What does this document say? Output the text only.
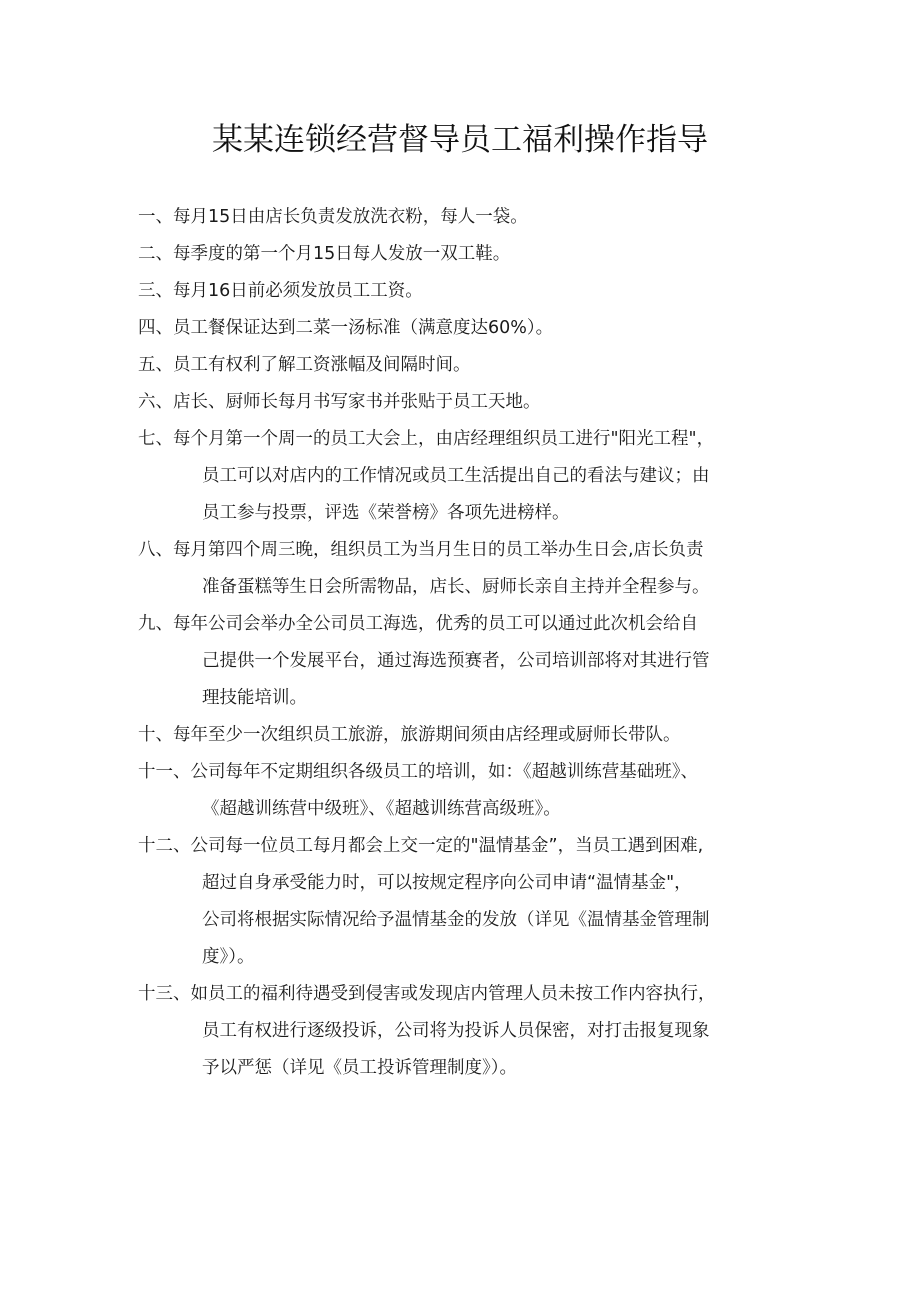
某某连锁经营督导员工福利操作指导
一、每月15日由店长负责发放洗衣粉，每人一袋。
二、每季度的第一个月15日每人发放一双工鞋。
三、每月16日前必须发放员工工资。
四、员工餐保证达到二菜一汤标准（满意度达60%）。
五、员工有权利了解工资涨幅及间隔时间。
六、店长、厨师长每月书写家书并张贴于员工天地。
七、每个月第一个周一的员工大会上，由店经理组织员工进行"阳光工程"，
员工可以对店内的工作情况或员工生活提出自己的看法与建议；由
员工参与投票，评选《荣誉榜》各项先进榜样。
八、每月第四个周三晚，组织员工为当月生日的员工举办生日会,店长负责
准备蛋糕等生日会所需物品，店长、厨师长亲自主持并全程参与。
九、每年公司会举办全公司员工海选，优秀的员工可以通过此次机会给自
己提供一个发展平台，通过海选预赛者，公司培训部将对其进行管
理技能培训。
十、每年至少一次组织员工旅游，旅游期间须由店经理或厨师长带队。
十一、公司每年不定期组织各级员工的培训，如：《超越训练营基础班》、
《超越训练营中级班》、《超越训练营高级班》。
十二、公司每一位员工每月都会上交一定的"温情基金”，当员工遇到困难,
超过自身承受能力时，可以按规定程序向公司申请“温情基金"，
公司将根据实际情况给予温情基金的发放（详见《温情基金管理制
度》）。
十三、如员工的福利待遇受到侵害或发现店内管理人员未按工作内容执行，
员工有权进行逐级投诉，公司将为投诉人员保密，对打击报复现象
予以严惩（详见《员工投诉管理制度》）。
